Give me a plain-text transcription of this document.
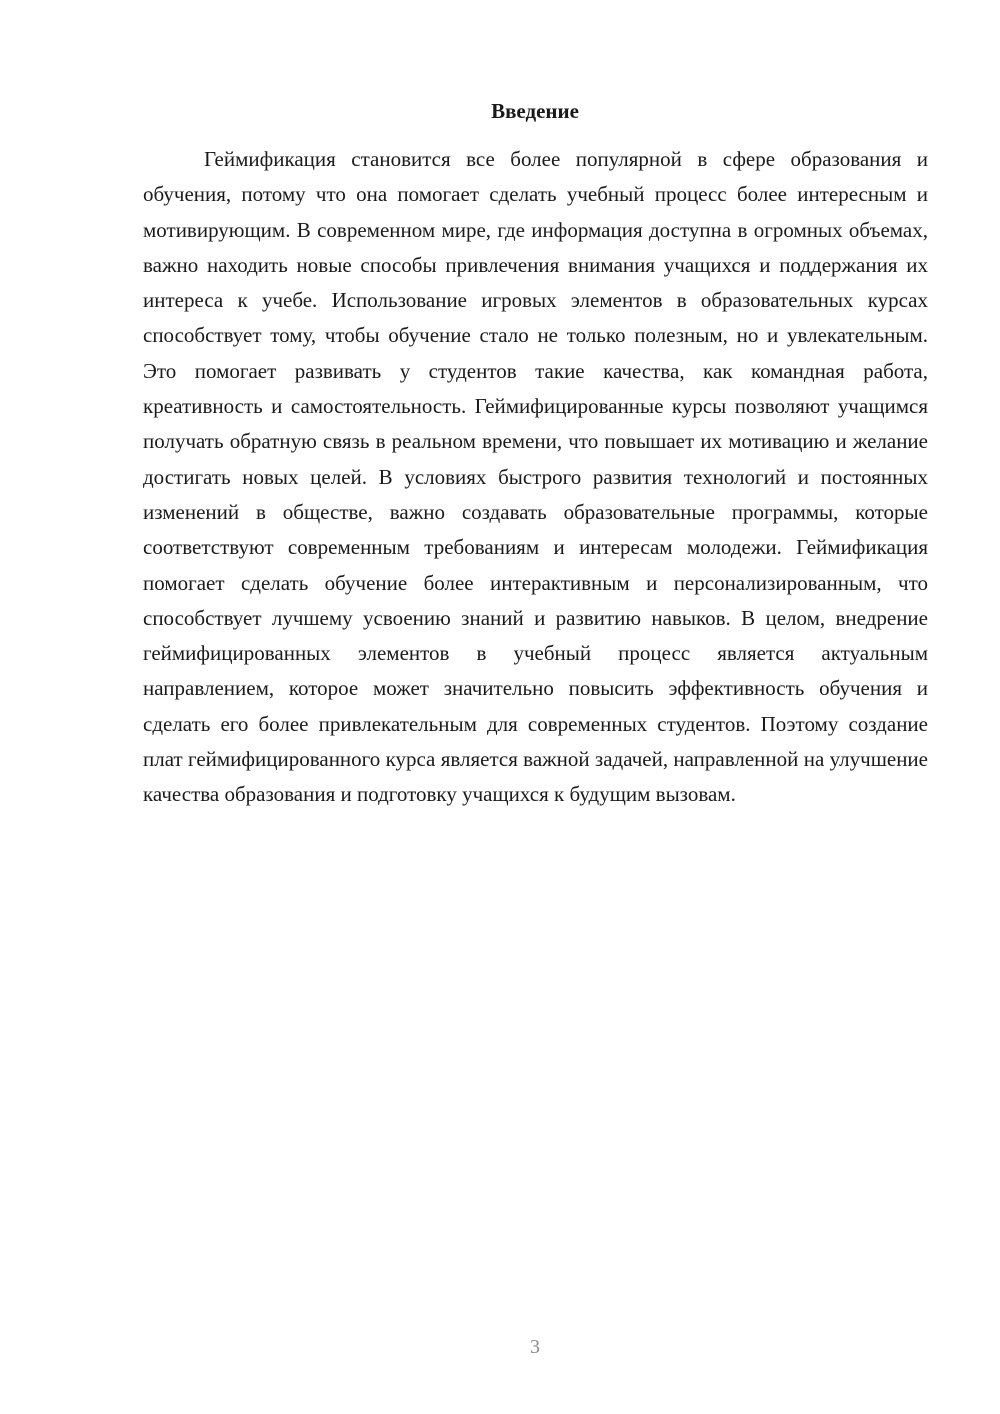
Введение

Геймификация становится все более популярной в сфере образования и обучения, потому что она помогает сделать учебный процесс более интересным и мотивирующим. В современном мире, где информация доступна в огромных объемах, важно находить новые способы привлечения внимания учащихся и поддержания их интереса к учебе. Использование игровых элементов в образовательных курсах способствует тому, чтобы обучение стало не только полезным, но и увлекательным. Это помогает развивать у студентов такие качества, как командная работа, креативность и самостоятельность. Геймифицированные курсы позволяют учащимся получать обратную связь в реальном времени, что повышает их мотивацию и желание достигать новых целей. В условиях быстрого развития технологий и постоянных изменений в обществе, важно создавать образовательные программы, которые соответствуют современным требованиям и интересам молодежи. Геймификация помогает сделать обучение более интерактивным и персонализированным, что способствует лучшему усвоению знаний и развитию навыков. В целом, внедрение геймифицированных элементов в учебный процесс является актуальным направлением, которое может значительно повысить эффективность обучения и сделать его более привлекательным для современных студентов. Поэтому создание плат геймифицированного курса является важной задачей, направленной на улучшение качества образования и подготовку учащихся к будущим вызовам.

3
